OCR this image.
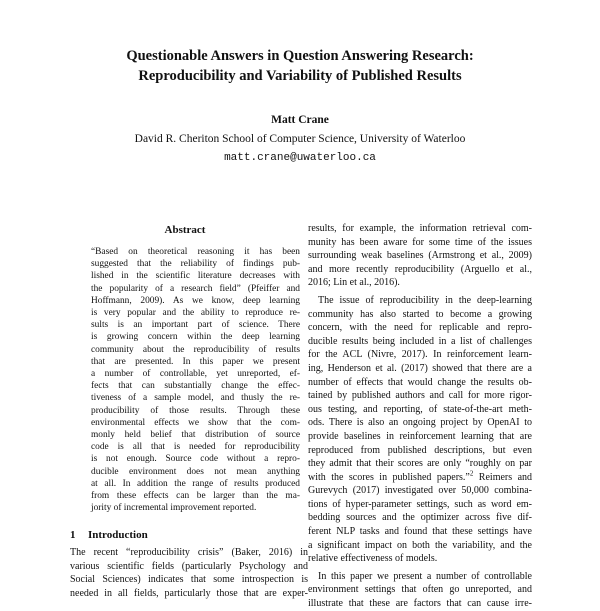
Questionable Answers in Question Answering Research:
Reproducibility and Variability of Published Results
Matt Crane
David R. Cheriton School of Computer Science, University of Waterloo
matt.crane@uwaterloo.ca
Abstract
“Based on theoretical reasoning it has been
suggested that the reliability of findings pub-
lished in the scientific literature decreases with
the popularity of a research field” (Pfeiffer and
Hoffmann, 2009). As we know, deep learning
is very popular and the ability to reproduce re-
sults is an important part of science. There
is growing concern within the deep learning
community about the reproducibility of results
that are presented. In this paper we present
a number of controllable, yet unreported, ef-
fects that can substantially change the effec-
tiveness of a sample model, and thusly the re-
producibility of those results. Through these
environmental effects we show that the com-
monly held belief that distribution of source
code is all that is needed for reproducibility
is not enough. Source code without a repro-
ducible environment does not mean anything
at all. In addition the range of results produced
from these effects can be larger than the ma-
jority of incremental improvement reported.
1 Introduction
The recent “reproducibility crisis” (Baker, 2016) in
various scientific fields (particularly Psychology and
Social Sciences) indicates that some introspection is
needed in all fields, particularly those that are exper-
results, for example, the information retrieval com-
munity has been aware for some time of the issues
surrounding weak baselines (Armstrong et al., 2009)
and more recently reproducibility (Arguello et al.,
2016; Lin et al., 2016).
The issue of reproducibility in the deep-learning
community has also started to become a growing
concern, with the need for replicable and repro-
ducible results being included in a list of challenges
for the ACL (Nivre, 2017). In reinforcement learn-
ing, Henderson et al. (2017) showed that there are a
number of effects that would change the results ob-
tained by published authors and call for more rigor-
ous testing, and reporting, of state-of-the-art meth-
ods. There is also an ongoing project by OpenAI to
provide baselines in reinforcement learning that are
reproduced from published descriptions, but even
they admit that their scores are only “roughly on par
with the scores in published papers.”$^2$ Reimers and
Gurevych (2017) investigated over 50,000 combina-
tions of hyper-parameter settings, such as word em-
bedding sources and the optimizer across five dif-
ferent NLP tasks and found that these settings have
a significant impact on both the variability, and the
relative effectiveness of models.
In this paper we present a number of controllable
environment settings that often go unreported, and
illustrate that these are factors that can cause irre-
